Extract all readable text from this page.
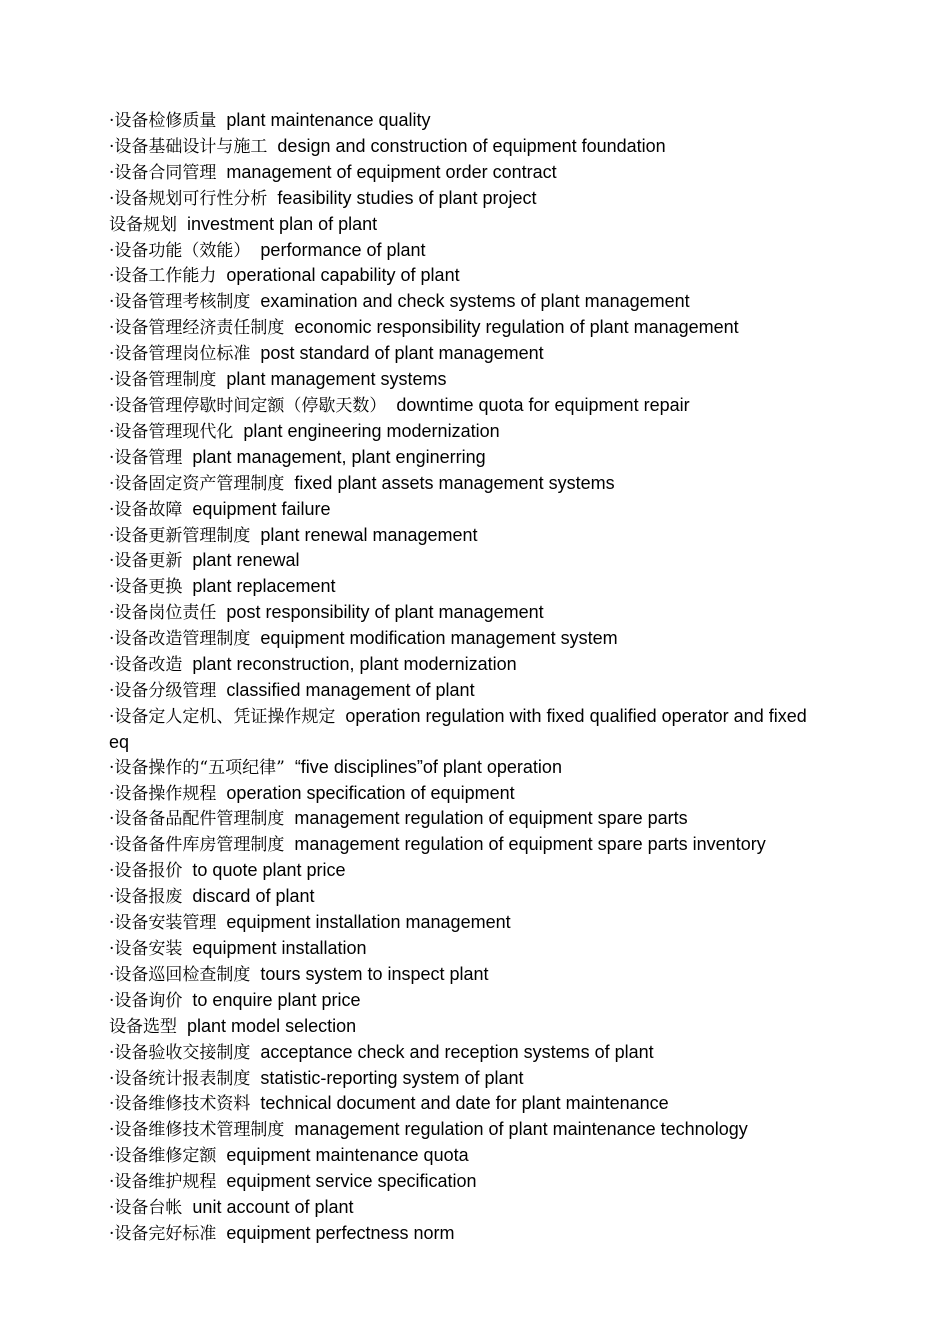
·设备检修质量 plant maintenance quality
·设备基础设计与施工 design and construction of equipment foundation
·设备合同管理 management of equipment order contract
·设备规划可行性分析 feasibility studies of plant project
设备规划 investment plan of plant
·设备功能（效能） performance of plant
·设备工作能力 operational capability of plant
·设备管理考核制度 examination and check systems of plant management
·设备管理经济责任制度 economic responsibility regulation of plant management
·设备管理岗位标准 post standard of plant management
·设备管理制度 plant management systems
·设备管理停歇时间定额（停歇天数） downtime quota for equipment repair
·设备管理现代化 plant engineering modernization
·设备管理 plant management, plant enginerring
·设备固定资产管理制度 fixed plant assets management systems
·设备故障 equipment failure
·设备更新管理制度 plant renewal management
·设备更新 plant renewal
·设备更换 plant replacement
·设备岗位责任 post responsibility of plant management
·设备改造管理制度 equipment modification management system
·设备改造 plant reconstruction, plant modernization
·设备分级管理 classified management of plant
·设备定人定机、凭证操作规定 operation regulation with fixed qualified operator and fixed eq
·设备操作的“五项纪律” “five disciplines”of plant operation
·设备操作规程 operation specification of equipment
·设备备品配件管理制度 management regulation of equipment spare parts
·设备备件库房管理制度 management regulation of equipment spare parts inventory
·设备报价 to quote plant price
·设备报废 discard of plant
·设备安装管理 equipment installation management
·设备安装 equipment installation
·设备巡回检查制度 tours system to inspect plant
·设备询价 to enquire plant price
设备选型 plant model selection
·设备验收交接制度 acceptance check and reception systems of plant
·设备统计报表制度 statistic-reporting system of plant
·设备维修技术资料 technical document and date for plant maintenance
·设备维修技术管理制度 management regulation of plant maintenance technology
·设备维修定额 equipment maintenance quota
·设备维护规程 equipment service specification
·设备台帐 unit account of plant
·设备完好标准 equipment perfectness norm
